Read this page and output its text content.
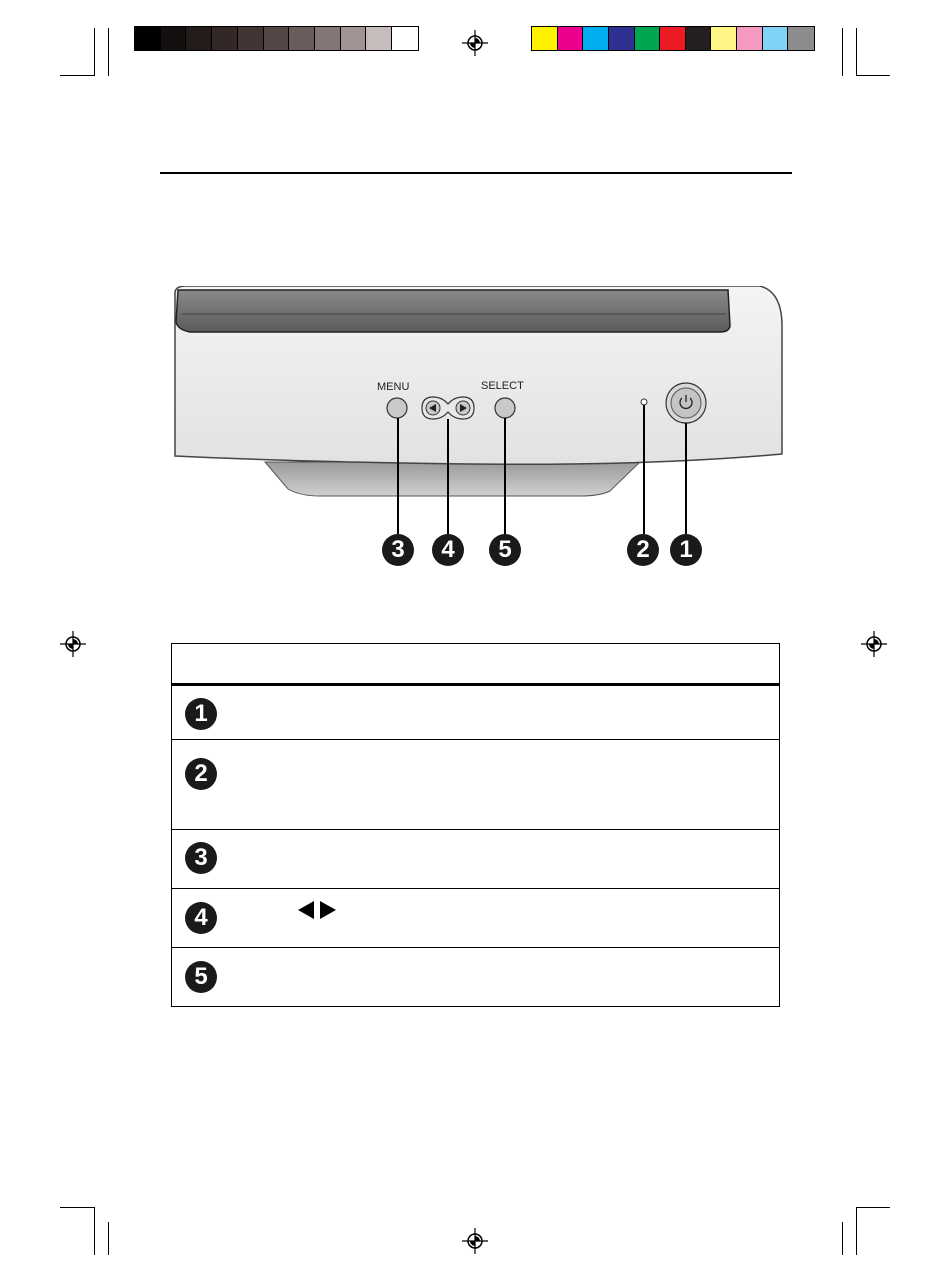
MENU	SELECT
3	4	5	2	1
1
2
3
4
5
